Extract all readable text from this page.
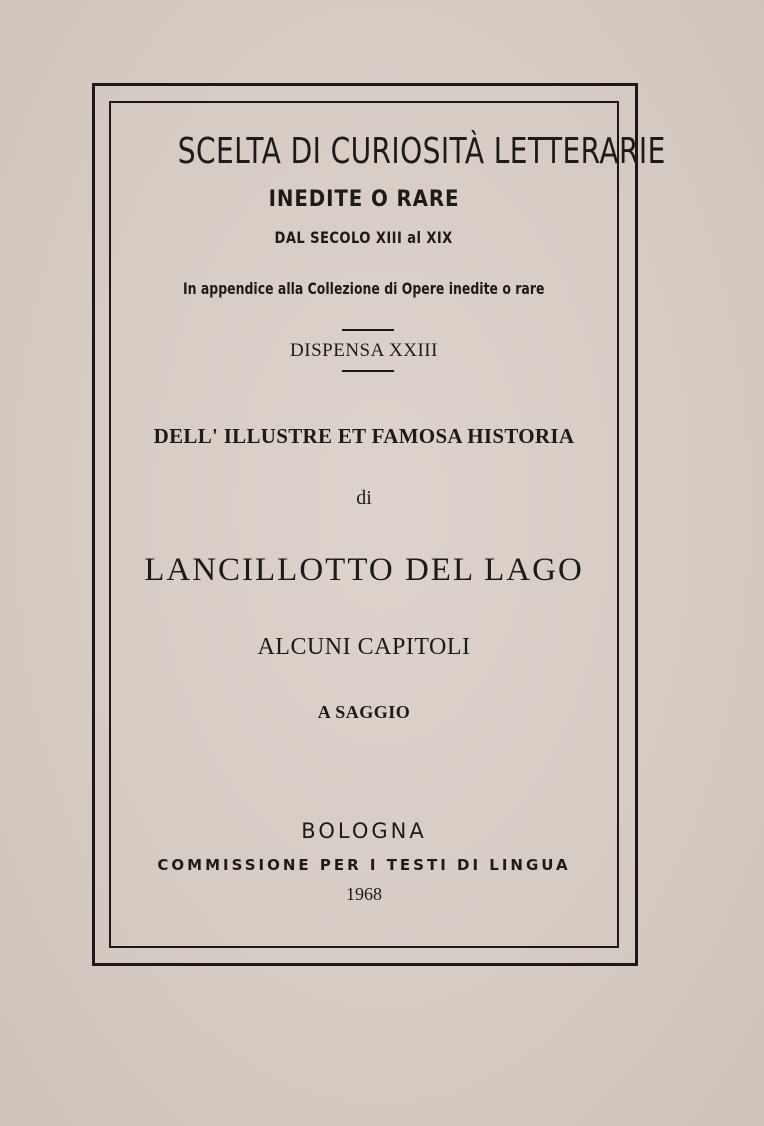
SCELTA DI CURIOSITÀ LETTERARIE
INEDITE O RARE
DAL SECOLO XIII al XIX
In appendice alla Collezione di Opere inedite o rare
DISPENSA XXIII
DELL' ILLUSTRE ET FAMOSA HISTORIA
di
LANCILLOTTO DEL LAGO
ALCUNI CAPITOLI
A SAGGIO
BOLOGNA
COMMISSIONE PER I TESTI DI LINGUA
1968
